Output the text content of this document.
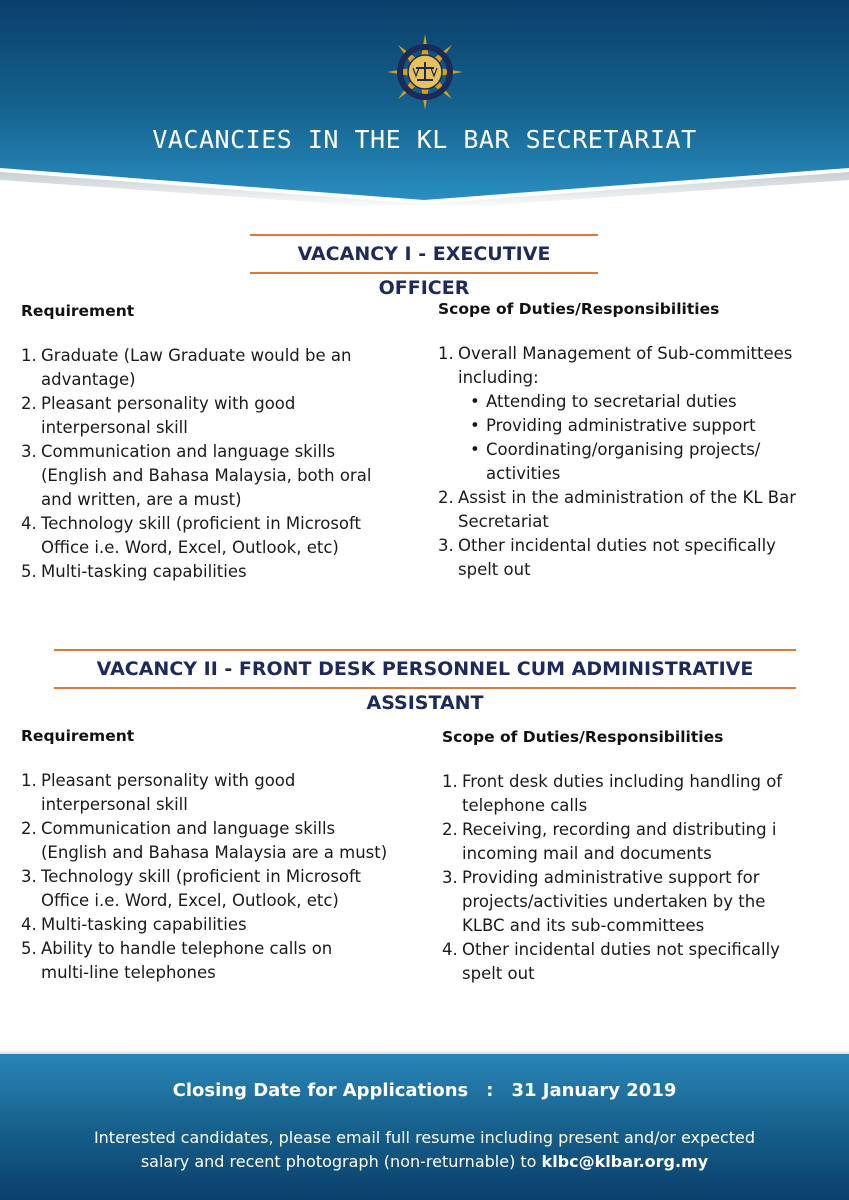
VACANCIES IN THE KL BAR SECRETARIAT
VACANCY I - EXECUTIVE OFFICER
Requirement
1. Graduate (Law Graduate would be an
advantage)
2. Pleasant personality with good
interpersonal skill
3. Communication and language skills
(English and Bahasa Malaysia, both oral
and written, are a must)
4. Technology skill (proficient in Microsoft
Office i.e. Word, Excel, Outlook, etc)
5. Multi-tasking capabilities
Scope of Duties/Responsibilities
1. Overall Management of Sub-committees
including:
• Attending to secretarial duties
• Providing administrative support
• Coordinating/organising projects/
activities
2. Assist in the administration of the KL Bar
Secretariat
3. Other incidental duties not specifically
spelt out
VACANCY II - FRONT DESK PERSONNEL CUM ADMINISTRATIVE ASSISTANT
Requirement
1. Pleasant personality with good
interpersonal skill
2. Communication and language skills
(English and Bahasa Malaysia are a must)
3. Technology skill (proficient in Microsoft
Office i.e. Word, Excel, Outlook, etc)
4. Multi-tasking capabilities
5. Ability to handle telephone calls on
multi-line telephones
Scope of Duties/Responsibilities
1. Front desk duties including handling of
telephone calls
2. Receiving, recording and distributing i
incoming mail and documents
3. Providing administrative support for
projects/activities undertaken by the
KLBC and its sub-committees
4. Other incidental duties not specifically
spelt out
Closing Date for Applications : 31 January 2019
Interested candidates, please email full resume including present and/or expected
salary and recent photograph (non-returnable) to klbc@klbar.org.my
